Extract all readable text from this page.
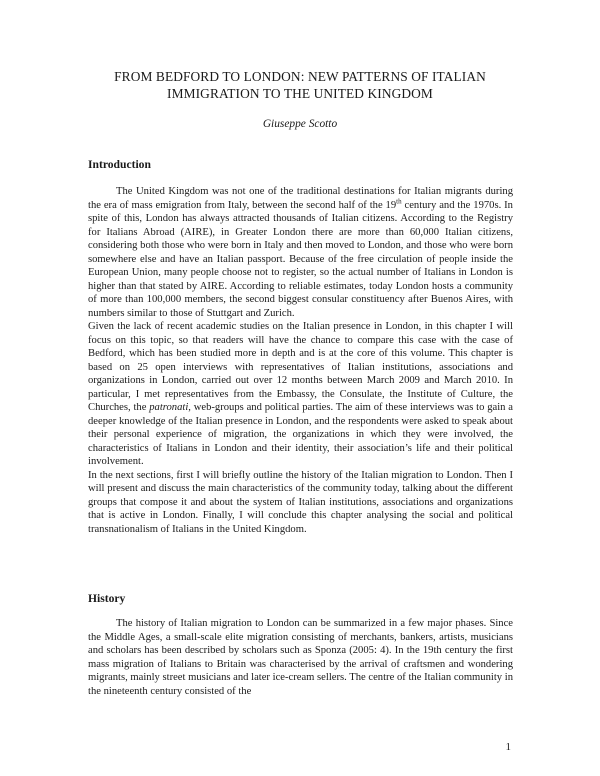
FROM BEDFORD TO LONDON: NEW PATTERNS OF ITALIAN
IMMIGRATION TO THE UNITED KINGDOM
Giuseppe Scotto
Introduction

The United Kingdom was not one of the traditional destinations for Italian migrants during the era of mass emigration from Italy, between the second half of the 19th century and the 1970s. In spite of this, London has always attracted thousands of Italian citizens. According to the Registry for Italians Abroad (AIRE), in Greater London there are more than 60,000 Italian citizens, considering both those who were born in Italy and then moved to London, and those who were born somewhere else and have an Italian passport. Because of the free circulation of people inside the European Union, many people choose not to register, so the actual number of Italians in London is higher than that stated by AIRE. According to reliable estimates, today London hosts a community of more than 100,000 members, the second biggest consular constituency after Buenos Aires, with numbers similar to those of Stuttgart and Zurich.

Given the lack of recent academic studies on the Italian presence in London, in this chapter I will focus on this topic, so that readers will have the chance to compare this case with the case of Bedford, which has been studied more in depth and is at the core of this volume. This chapter is based on 25 open interviews with representatives of Italian institutions, associations and organizations in London, carried out over 12 months between March 2009 and March 2010. In particular, I met representatives from the Embassy, the Consulate, the Institute of Culture, the Churches, the patronati, web-groups and political parties. The aim of these interviews was to gain a deeper knowledge of the Italian presence in London, and the respondents were asked to speak about their personal experience of migration, the organizations in which they were involved, the characteristics of Italians in London and their identity, their association’s life and their political involvement.

In the next sections, first I will briefly outline the history of the Italian migration to London. Then I will present and discuss the main characteristics of the community today, talking about the different groups that compose it and about the system of Italian institutions, associations and organizations that is active in London. Finally, I will conclude this chapter analysing the social and political transnationalism of Italians in the United Kingdom.

History

The history of Italian migration to London can be summarized in a few major phases. Since the Middle Ages, a small-scale elite migration consisting of merchants, bankers, artists, musicians and scholars has been described by scholars such as Sponza (2005: 4). In the 19th century the first mass migration of Italians to Britain was characterised by the arrival of craftsmen and wondering migrants, mainly street musicians and later ice-cream sellers. The centre of the Italian community in the nineteenth century consisted of the

1
